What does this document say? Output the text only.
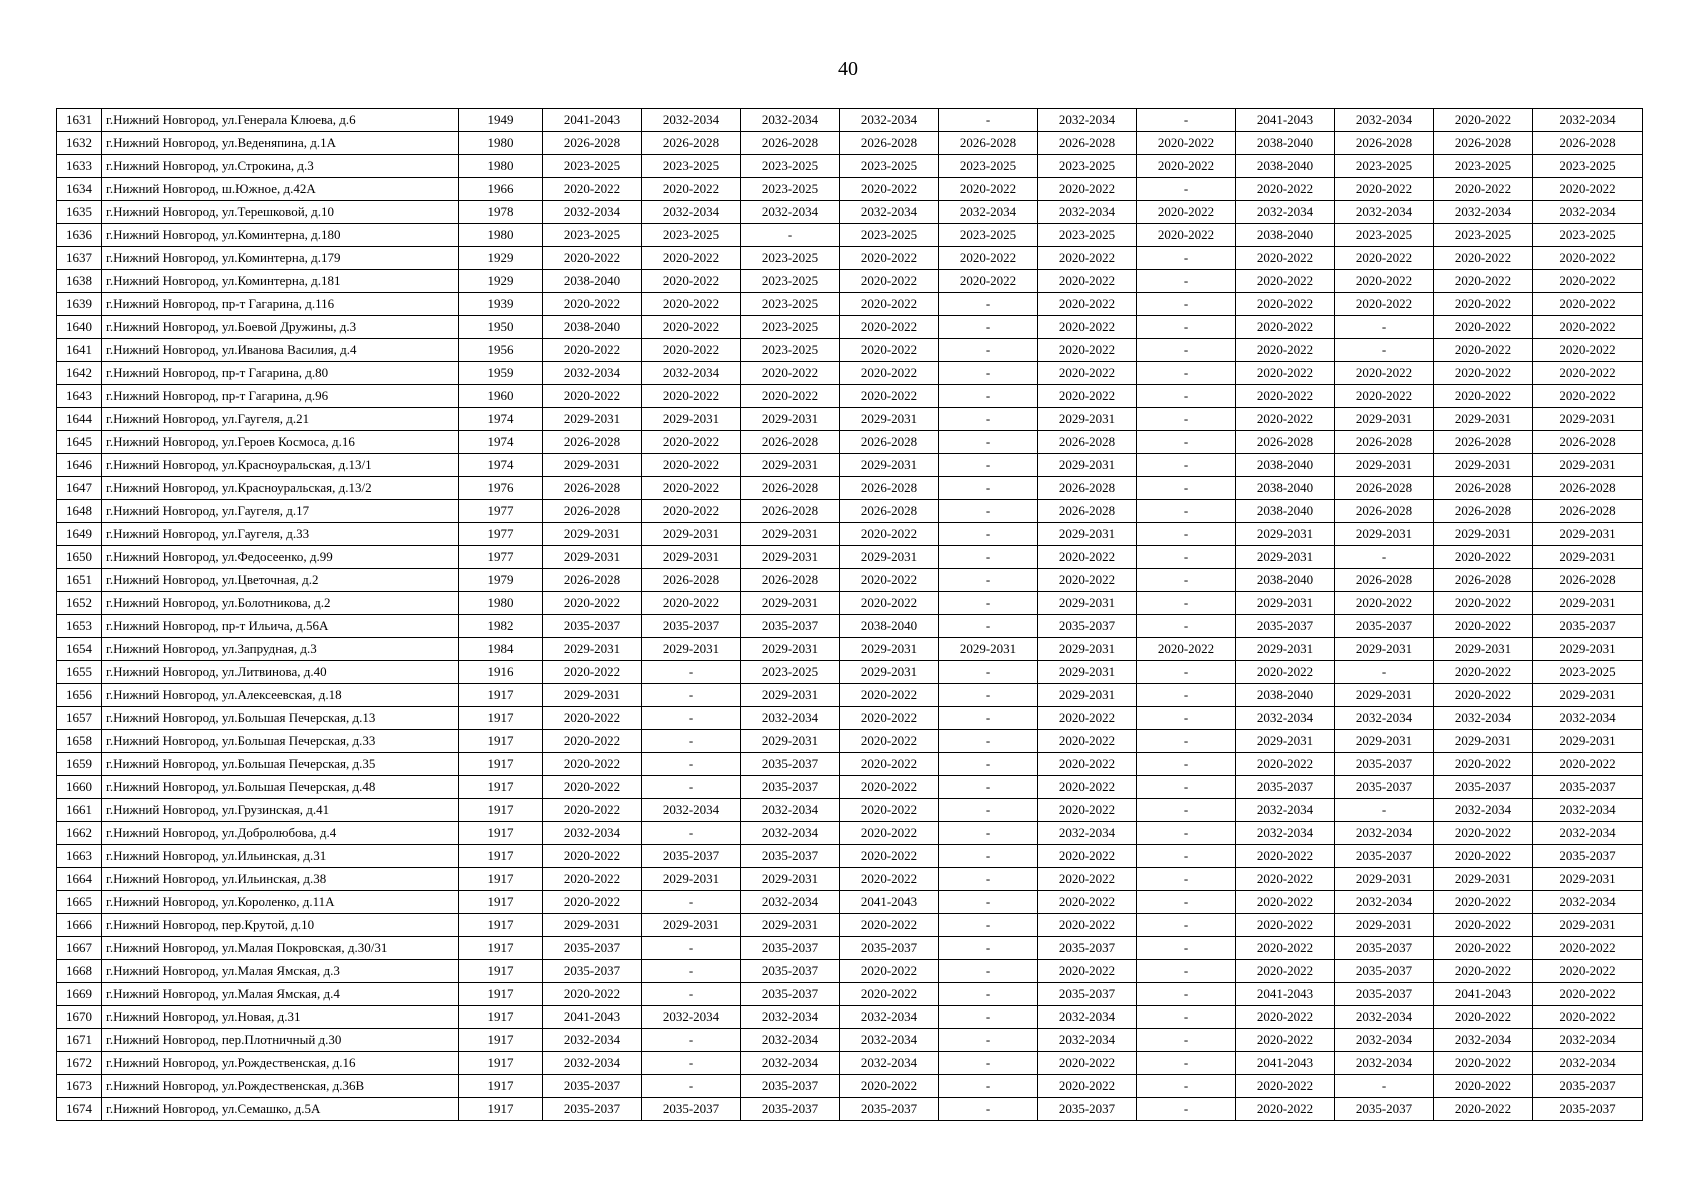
40
1631	г.Нижний Новгород, ул.Генерала Клюева, д.6	1949	2041-2043	2032-2034	2032-2034	2032-2034	-	2032-2034	-	2041-2043	2032-2034	2020-2022	2032-2034
1632	г.Нижний Новгород, ул.Веденяпина, д.1А	1980	2026-2028	2026-2028	2026-2028	2026-2028	2026-2028	2026-2028	2020-2022	2038-2040	2026-2028	2026-2028	2026-2028
1633	г.Нижний Новгород, ул.Строкина, д.3	1980	2023-2025	2023-2025	2023-2025	2023-2025	2023-2025	2023-2025	2020-2022	2038-2040	2023-2025	2023-2025	2023-2025
1634	г.Нижний Новгород, ш.Южное, д.42А	1966	2020-2022	2020-2022	2023-2025	2020-2022	2020-2022	2020-2022	-	2020-2022	2020-2022	2020-2022	2020-2022
1635	г.Нижний Новгород, ул.Терешковой, д.10	1978	2032-2034	2032-2034	2032-2034	2032-2034	2032-2034	2032-2034	2020-2022	2032-2034	2032-2034	2032-2034	2032-2034
1636	г.Нижний Новгород, ул.Коминтерна, д.180	1980	2023-2025	2023-2025	-	2023-2025	2023-2025	2023-2025	2020-2022	2038-2040	2023-2025	2023-2025	2023-2025
1637	г.Нижний Новгород, ул.Коминтерна, д.179	1929	2020-2022	2020-2022	2023-2025	2020-2022	2020-2022	2020-2022	-	2020-2022	2020-2022	2020-2022	2020-2022
1638	г.Нижний Новгород, ул.Коминтерна, д.181	1929	2038-2040	2020-2022	2023-2025	2020-2022	2020-2022	2020-2022	-	2020-2022	2020-2022	2020-2022	2020-2022
1639	г.Нижний Новгород, пр-т Гагарина, д.116	1939	2020-2022	2020-2022	2023-2025	2020-2022	-	2020-2022	-	2020-2022	2020-2022	2020-2022	2020-2022
1640	г.Нижний Новгород, ул.Боевой Дружины, д.3	1950	2038-2040	2020-2022	2023-2025	2020-2022	-	2020-2022	-	2020-2022	-	2020-2022	2020-2022
1641	г.Нижний Новгород, ул.Иванова Василия, д.4	1956	2020-2022	2020-2022	2023-2025	2020-2022	-	2020-2022	-	2020-2022	-	2020-2022	2020-2022
1642	г.Нижний Новгород, пр-т Гагарина, д.80	1959	2032-2034	2032-2034	2020-2022	2020-2022	-	2020-2022	-	2020-2022	2020-2022	2020-2022	2020-2022
1643	г.Нижний Новгород, пр-т Гагарина, д.96	1960	2020-2022	2020-2022	2020-2022	2020-2022	-	2020-2022	-	2020-2022	2020-2022	2020-2022	2020-2022
1644	г.Нижний Новгород, ул.Гаугеля, д.21	1974	2029-2031	2029-2031	2029-2031	2029-2031	-	2029-2031	-	2020-2022	2029-2031	2029-2031	2029-2031
1645	г.Нижний Новгород, ул.Героев Космоса, д.16	1974	2026-2028	2020-2022	2026-2028	2026-2028	-	2026-2028	-	2026-2028	2026-2028	2026-2028	2026-2028
1646	г.Нижний Новгород, ул.Красноуральская, д.13/1	1974	2029-2031	2020-2022	2029-2031	2029-2031	-	2029-2031	-	2038-2040	2029-2031	2029-2031	2029-2031
1647	г.Нижний Новгород, ул.Красноуральская, д.13/2	1976	2026-2028	2020-2022	2026-2028	2026-2028	-	2026-2028	-	2038-2040	2026-2028	2026-2028	2026-2028
1648	г.Нижний Новгород, ул.Гаугеля, д.17	1977	2026-2028	2020-2022	2026-2028	2026-2028	-	2026-2028	-	2038-2040	2026-2028	2026-2028	2026-2028
1649	г.Нижний Новгород, ул.Гаугеля, д.33	1977	2029-2031	2029-2031	2029-2031	2020-2022	-	2029-2031	-	2029-2031	2029-2031	2029-2031	2029-2031
1650	г.Нижний Новгород, ул.Федосеенко, д.99	1977	2029-2031	2029-2031	2029-2031	2029-2031	-	2020-2022	-	2029-2031	-	2020-2022	2029-2031
1651	г.Нижний Новгород, ул.Цветочная, д.2	1979	2026-2028	2026-2028	2026-2028	2020-2022	-	2020-2022	-	2038-2040	2026-2028	2026-2028	2026-2028
1652	г.Нижний Новгород, ул.Болотникова, д.2	1980	2020-2022	2020-2022	2029-2031	2020-2022	-	2029-2031	-	2029-2031	2020-2022	2020-2022	2029-2031
1653	г.Нижний Новгород, пр-т Ильича, д.56А	1982	2035-2037	2035-2037	2035-2037	2038-2040	-	2035-2037	-	2035-2037	2035-2037	2020-2022	2035-2037
1654	г.Нижний Новгород, ул.Запрудная, д.3	1984	2029-2031	2029-2031	2029-2031	2029-2031	2029-2031	2029-2031	2020-2022	2029-2031	2029-2031	2029-2031	2029-2031
1655	г.Нижний Новгород, ул.Литвинова, д.40	1916	2020-2022	-	2023-2025	2029-2031	-	2029-2031	-	2020-2022	-	2020-2022	2023-2025
1656	г.Нижний Новгород, ул.Алексеевская, д.18	1917	2029-2031	-	2029-2031	2020-2022	-	2029-2031	-	2038-2040	2029-2031	2020-2022	2029-2031
1657	г.Нижний Новгород, ул.Большая Печерская, д.13	1917	2020-2022	-	2032-2034	2020-2022	-	2020-2022	-	2032-2034	2032-2034	2032-2034	2032-2034
1658	г.Нижний Новгород, ул.Большая Печерская, д.33	1917	2020-2022	-	2029-2031	2020-2022	-	2020-2022	-	2029-2031	2029-2031	2029-2031	2029-2031
1659	г.Нижний Новгород, ул.Большая Печерская, д.35	1917	2020-2022	-	2035-2037	2020-2022	-	2020-2022	-	2020-2022	2035-2037	2020-2022	2020-2022
1660	г.Нижний Новгород, ул.Большая Печерская, д.48	1917	2020-2022	-	2035-2037	2020-2022	-	2020-2022	-	2035-2037	2035-2037	2035-2037	2035-2037
1661	г.Нижний Новгород, ул.Грузинская, д.41	1917	2020-2022	2032-2034	2032-2034	2020-2022	-	2020-2022	-	2032-2034	-	2032-2034	2032-2034
1662	г.Нижний Новгород, ул.Добролюбова, д.4	1917	2032-2034	-	2032-2034	2020-2022	-	2032-2034	-	2032-2034	2032-2034	2020-2022	2032-2034
1663	г.Нижний Новгород, ул.Ильинская, д.31	1917	2020-2022	2035-2037	2035-2037	2020-2022	-	2020-2022	-	2020-2022	2035-2037	2020-2022	2035-2037
1664	г.Нижний Новгород, ул.Ильинская, д.38	1917	2020-2022	2029-2031	2029-2031	2020-2022	-	2020-2022	-	2020-2022	2029-2031	2029-2031	2029-2031
1665	г.Нижний Новгород, ул.Короленко, д.11А	1917	2020-2022	-	2032-2034	2041-2043	-	2020-2022	-	2020-2022	2032-2034	2020-2022	2032-2034
1666	г.Нижний Новгород, пер.Крутой, д.10	1917	2029-2031	2029-2031	2029-2031	2020-2022	-	2020-2022	-	2020-2022	2029-2031	2020-2022	2029-2031
1667	г.Нижний Новгород, ул.Малая Покровская, д.30/31	1917	2035-2037	-	2035-2037	2035-2037	-	2035-2037	-	2020-2022	2035-2037	2020-2022	2020-2022
1668	г.Нижний Новгород, ул.Малая Ямская, д.3	1917	2035-2037	-	2035-2037	2020-2022	-	2020-2022	-	2020-2022	2035-2037	2020-2022	2020-2022
1669	г.Нижний Новгород, ул.Малая Ямская, д.4	1917	2020-2022	-	2035-2037	2020-2022	-	2035-2037	-	2041-2043	2035-2037	2041-2043	2020-2022
1670	г.Нижний Новгород, ул.Новая, д.31	1917	2041-2043	2032-2034	2032-2034	2032-2034	-	2032-2034	-	2020-2022	2032-2034	2020-2022	2020-2022
1671	г.Нижний Новгород, пер.Плотничный д.30	1917	2032-2034	-	2032-2034	2032-2034	-	2032-2034	-	2020-2022	2032-2034	2032-2034	2032-2034
1672	г.Нижний Новгород, ул.Рождественская, д.16	1917	2032-2034	-	2032-2034	2032-2034	-	2020-2022	-	2041-2043	2032-2034	2020-2022	2032-2034
1673	г.Нижний Новгород, ул.Рождественская, д.36В	1917	2035-2037	-	2035-2037	2020-2022	-	2020-2022	-	2020-2022	-	2020-2022	2035-2037
1674	г.Нижний Новгород, ул.Семашко, д.5А	1917	2035-2037	2035-2037	2035-2037	2035-2037	-	2035-2037	-	2020-2022	2035-2037	2020-2022	2035-2037
